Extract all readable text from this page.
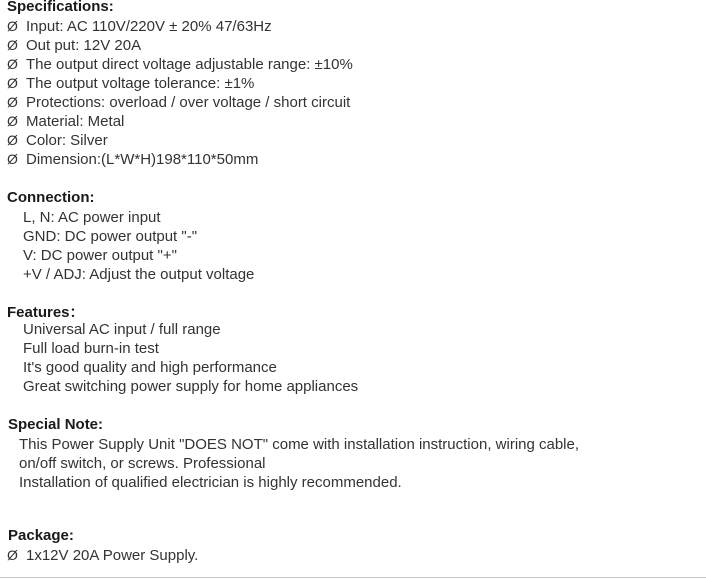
Specifications:
Ø Input: AC 110V/220V ± 20% 47/63Hz
Ø Out put: 12V 20A
Ø The output direct voltage adjustable range: ±10%
Ø The output voltage tolerance: ±1%
Ø Protections: overload / over voltage / short circuit
Ø Material: Metal
Ø Color: Silver
Ø Dimension:(L*W*H)198*110*50mm
Connection:
L, N: AC power input
GND: DC power output "-"
V: DC power output "+"
+V / ADJ: Adjust the output voltage
Features：
Universal AC input / full range
Full load burn-in test
It's good quality and high performance
Great switching power supply for home appliances
Special Note:
This Power Supply Unit "DOES NOT" come with installation instruction, wiring cable,
on/off switch, or screws. Professional
Installation of qualified electrician is highly recommended.
Package:
Ø 1x12V 20A Power Supply.
